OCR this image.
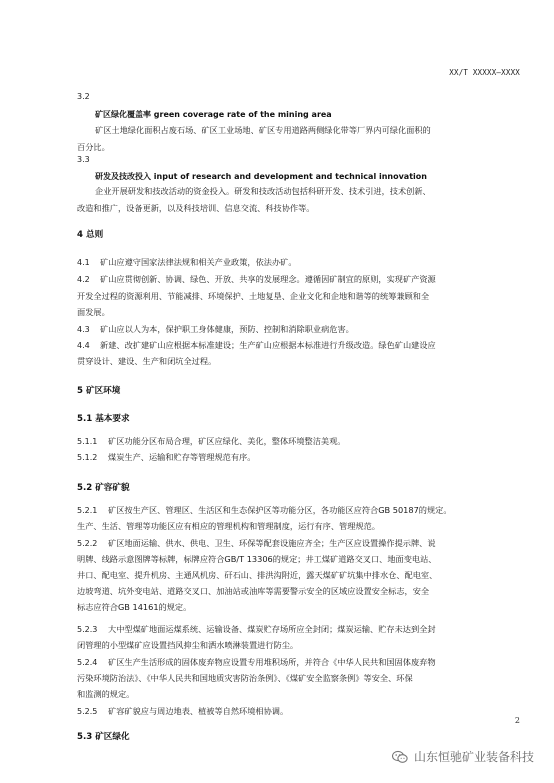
XX/T XXXXX—XXXX
3.2
矿区绿化覆盖率 green coverage rate of the mining area
矿区土地绿化面积占废石场、矿区工业场地、矿区专用道路两侧绿化带等厂界内可绿化面积的
百分比。
3.3
研发及技改投入 input of research and development and technical innovation
企业开展研发和技改活动的资金投入。研发和技改活动包括科研开发、技术引进，技术创新、
改造和推广，设备更新，以及科技培训、信息交流、科技协作等。
4 总则
4.1 矿山应遵守国家法律法规和相关产业政策，依法办矿。
4.2 矿山应贯彻创新、协调、绿色、开放、共享的发展理念。遵循因矿制宜的原则，实现矿产资源
开发全过程的资源利用、节能减排、环境保护、土地复垦、企业文化和企地和谐等的统筹兼顾和全
面发展。
4.3 矿山应以人为本，保护职工身体健康，预防、控制和消除职业病危害。
4.4 新建、改扩建矿山应根据本标准建设；生产矿山应根据本标准进行升级改造。绿色矿山建设应
贯穿设计、建设、生产和闭坑全过程。
5 矿区环境
5.1 基本要求
5.1.1 矿区功能分区布局合理，矿区应绿化、美化，整体环境整洁美观。
5.1.2 煤炭生产、运输和贮存等管理规范有序。
5.2 矿容矿貌
5.2.1 矿区按生产区、管理区、生活区和生态保护区等功能分区，各功能区应符合GB 50187的规定。
生产、生活、管理等功能区应有相应的管理机构和管理制度，运行有序、管理规范。
5.2.2 矿区地面运输、供水、供电、卫生、环保等配套设施应齐全；生产区应设置操作提示牌、说
明牌、线路示意图牌等标牌，标牌应符合GB/T 13306的规定；井工煤矿道路交叉口、地面变电站、
井口、配电室、提升机房、主通风机房、矸石山、排洪沟附近，露天煤矿矿坑集中排水仓、配电室、
边坡弯道、坑外变电站、道路交叉口、加油站或油库等需要警示安全的区域应设置安全标志，安全
标志应符合GB 14161的规定。
5.2.3 大中型煤矿地面运煤系统、运输设备、煤炭贮存场所应全封闭；煤炭运输、贮存未达到全封
闭管理的小型煤矿应设置挡风抑尘和洒水喷淋装置进行防尘。
5.2.4 矿区生产生活形成的固体废弃物应设置专用堆积场所，并符合《中华人民共和国固体废弃物
污染环境防治法》、《中华人民共和国地质灾害防治条例》、《煤矿安全监察条例》等安全、环保
和监测的规定。
5.2.5 矿容矿貌应与周边地表、植被等自然环境相协调。
5.3 矿区绿化
2
山东恒驰矿业装备科技
